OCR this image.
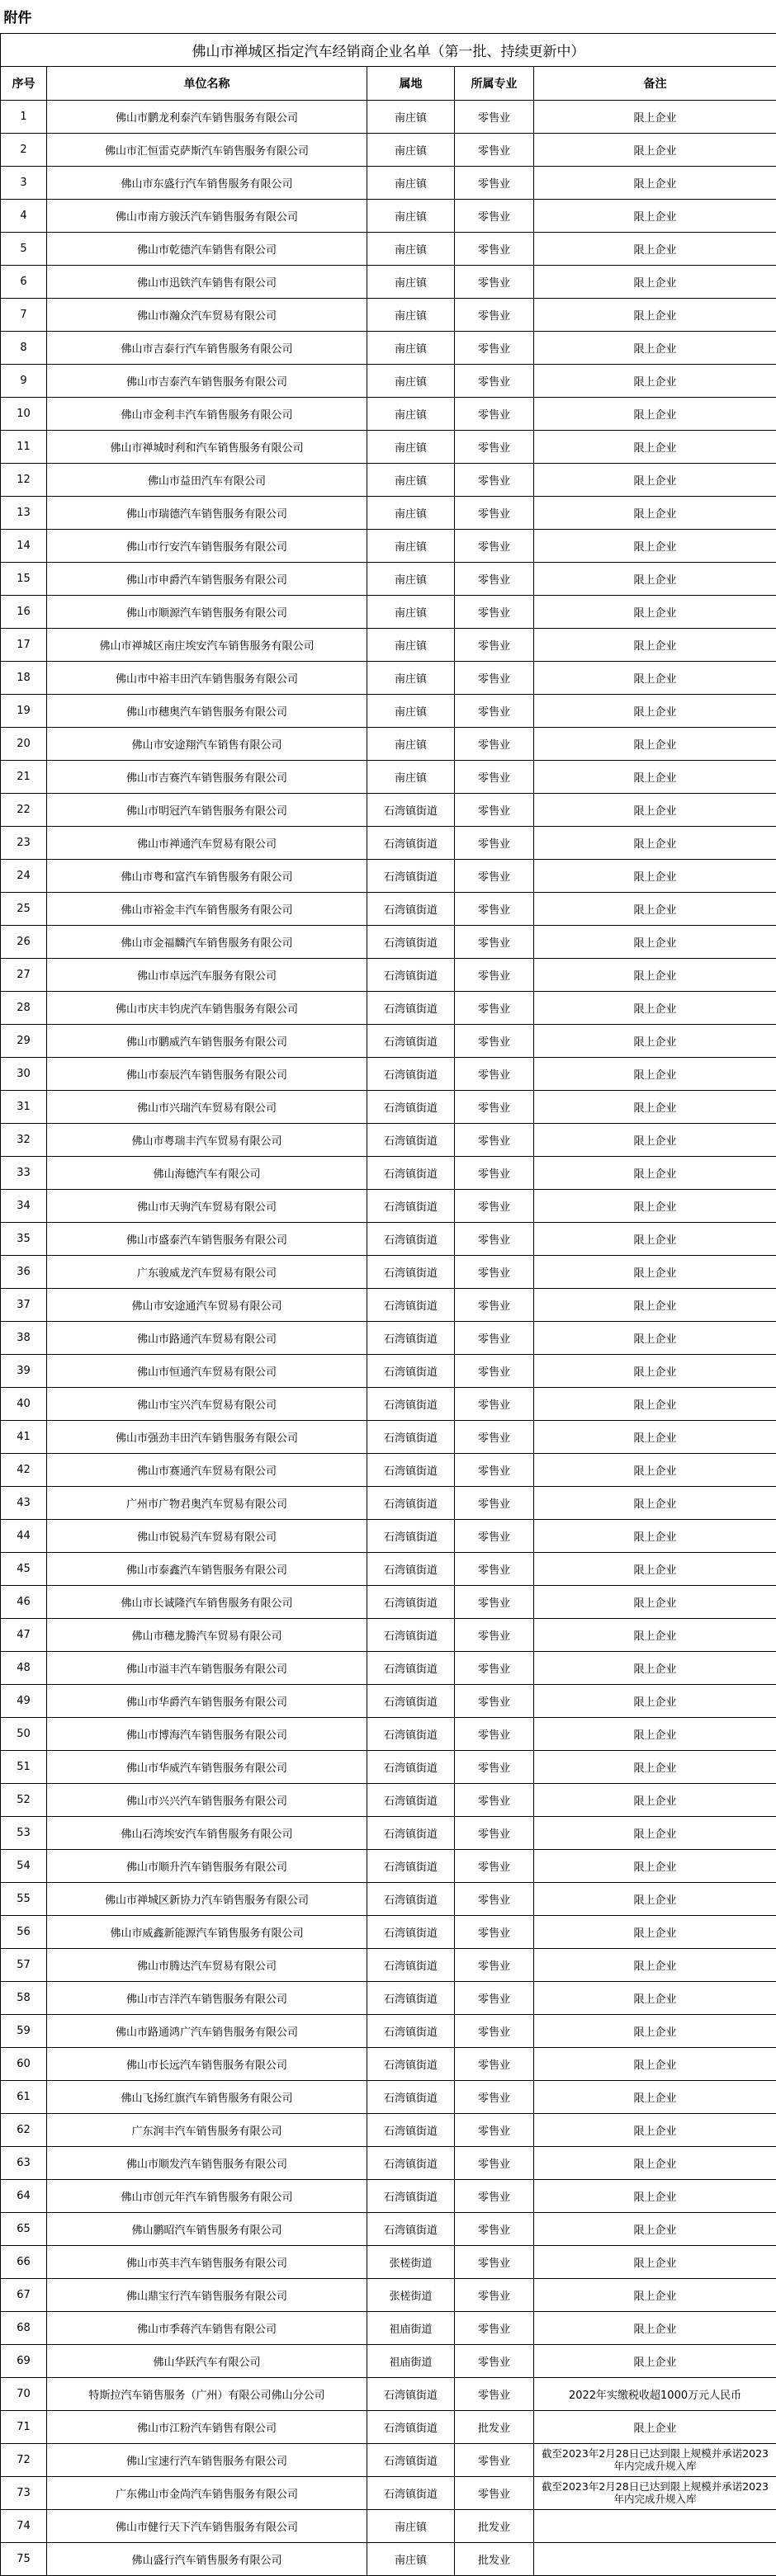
附件				
佛山市禅城区指定汽车经销商企业名单（第一批、持续更新中）				
序号	单位名称	属地	所属专业	备注
1	佛山市鹏龙利泰汽车销售服务有限公司	南庄镇	零售业	限上企业
2	佛山市汇恒雷克萨斯汽车销售服务有限公司	南庄镇	零售业	限上企业
3	佛山市东盛行汽车销售服务有限公司	南庄镇	零售业	限上企业
4	佛山市南方骏沃汽车销售服务有限公司	南庄镇	零售业	限上企业
5	佛山市乾德汽车销售有限公司	南庄镇	零售业	限上企业
6	佛山市迅铁汽车销售有限公司	南庄镇	零售业	限上企业
7	佛山市瀚众汽车贸易有限公司	南庄镇	零售业	限上企业
8	佛山市吉泰行汽车销售服务有限公司	南庄镇	零售业	限上企业
9	佛山市吉泰汽车销售服务有限公司	南庄镇	零售业	限上企业
10	佛山市金利丰汽车销售服务有限公司	南庄镇	零售业	限上企业
11	佛山市禅城时利和汽车销售服务有限公司	南庄镇	零售业	限上企业
12	佛山市益田汽车有限公司	南庄镇	零售业	限上企业
13	佛山市瑞德汽车销售服务有限公司	南庄镇	零售业	限上企业
14	佛山市行安汽车销售服务有限公司	南庄镇	零售业	限上企业
15	佛山市申爵汽车销售服务有限公司	南庄镇	零售业	限上企业
16	佛山市顺源汽车销售服务有限公司	南庄镇	零售业	限上企业
17	佛山市禅城区南庄埃安汽车销售服务有限公司	南庄镇	零售业	限上企业
18	佛山市中裕丰田汽车销售服务有限公司	南庄镇	零售业	限上企业
19	佛山市穗奥汽车销售服务有限公司	南庄镇	零售业	限上企业
20	佛山市安途翔汽车销售有限公司	南庄镇	零售业	限上企业
21	佛山市吉赛汽车销售服务有限公司	南庄镇	零售业	限上企业
22	佛山市明冠汽车销售服务有限公司	石湾镇街道	零售业	限上企业
23	佛山市禅通汽车贸易有限公司	石湾镇街道	零售业	限上企业
24	佛山市粤和富汽车销售服务有限公司	石湾镇街道	零售业	限上企业
25	佛山市裕金丰汽车销售服务有限公司	石湾镇街道	零售业	限上企业
26	佛山市金福麟汽车销售服务有限公司	石湾镇街道	零售业	限上企业
27	佛山市卓远汽车服务有限公司	石湾镇街道	零售业	限上企业
28	佛山市庆丰钧虎汽车销售服务有限公司	石湾镇街道	零售业	限上企业
29	佛山市鹏威汽车销售服务有限公司	石湾镇街道	零售业	限上企业
30	佛山市泰辰汽车销售服务有限公司	石湾镇街道	零售业	限上企业
31	佛山市兴瑞汽车贸易有限公司	石湾镇街道	零售业	限上企业
32	佛山市粤瑞丰汽车贸易有限公司	石湾镇街道	零售业	限上企业
33	佛山海德汽车有限公司	石湾镇街道	零售业	限上企业
34	佛山市天驹汽车贸易有限公司	石湾镇街道	零售业	限上企业
35	佛山市盛泰汽车销售服务有限公司	石湾镇街道	零售业	限上企业
36	广东骏威龙汽车贸易有限公司	石湾镇街道	零售业	限上企业
37	佛山市安途通汽车贸易有限公司	石湾镇街道	零售业	限上企业
38	佛山市路通汽车贸易有限公司	石湾镇街道	零售业	限上企业
39	佛山市恒通汽车贸易有限公司	石湾镇街道	零售业	限上企业
40	佛山市宝兴汽车贸易有限公司	石湾镇街道	零售业	限上企业
41	佛山市强劲丰田汽车销售服务有限公司	石湾镇街道	零售业	限上企业
42	佛山市赛通汽车贸易有限公司	石湾镇街道	零售业	限上企业
43	广州市广物君奥汽车贸易有限公司	石湾镇街道	零售业	限上企业
44	佛山市锐易汽车贸易有限公司	石湾镇街道	零售业	限上企业
45	佛山市泰鑫汽车销售服务有限公司	石湾镇街道	零售业	限上企业
46	佛山市长诚隆汽车销售服务有限公司	石湾镇街道	零售业	限上企业
47	佛山市穗龙腾汽车贸易有限公司	石湾镇街道	零售业	限上企业
48	佛山市溢丰汽车销售服务有限公司	石湾镇街道	零售业	限上企业
49	佛山市华爵汽车销售服务有限公司	石湾镇街道	零售业	限上企业
50	佛山市博海汽车销售服务有限公司	石湾镇街道	零售业	限上企业
51	佛山市华威汽车销售服务有限公司	石湾镇街道	零售业	限上企业
52	佛山市兴兴汽车销售服务有限公司	石湾镇街道	零售业	限上企业
53	佛山石湾埃安汽车销售服务有限公司	石湾镇街道	零售业	限上企业
54	佛山市顺升汽车销售服务有限公司	石湾镇街道	零售业	限上企业
55	佛山市禅城区新协力汽车销售服务有限公司	石湾镇街道	零售业	限上企业
56	佛山市威鑫新能源汽车销售服务有限公司	石湾镇街道	零售业	限上企业
57	佛山市腾达汽车贸易有限公司	石湾镇街道	零售业	限上企业
58	佛山市吉洋汽车销售服务有限公司	石湾镇街道	零售业	限上企业
59	佛山市路通鸿广汽车销售服务有限公司	石湾镇街道	零售业	限上企业
60	佛山市长远汽车销售服务有限公司	石湾镇街道	零售业	限上企业
61	佛山飞扬红旗汽车销售服务有限公司	石湾镇街道	零售业	限上企业
62	广东润丰汽车销售服务有限公司	石湾镇街道	零售业	限上企业
63	佛山市顺发汽车销售服务有限公司	石湾镇街道	零售业	限上企业
64	佛山市创元年汽车销售服务有限公司	石湾镇街道	零售业	限上企业
65	佛山鹏昭汽车销售服务有限公司	石湾镇街道	零售业	限上企业
66	佛山市英丰汽车销售服务有限公司	张槎街道	零售业	限上企业
67	佛山鼎宝行汽车销售服务有限公司	张槎街道	零售业	限上企业
68	佛山市季蒋汽车销售有限公司	祖庙街道	零售业	限上企业
69	佛山华跃汽车有限公司	祖庙街道	零售业	限上企业
70	特斯拉汽车销售服务（广州）有限公司佛山分公司	石湾镇街道	零售业	2022年实缴税收超1000万元人民币
71	佛山市江粉汽车销售有限公司	石湾镇街道	批发业	限上企业
72	佛山宝速行汽车销售服务有限公司	石湾镇街道	零售业	截至2023年2月28日已达到限上规模并承诺2023年内完成升规入库
73	广东佛山市金尚汽车销售服务有限公司	石湾镇街道	零售业	截至2023年2月28日已达到限上规模并承诺2023年内完成升规入库
74	佛山市健行天下汽车销售服务有限公司	南庄镇	批发业	
75	佛山盛行汽车销售服务有限公司	南庄镇	批发业	
